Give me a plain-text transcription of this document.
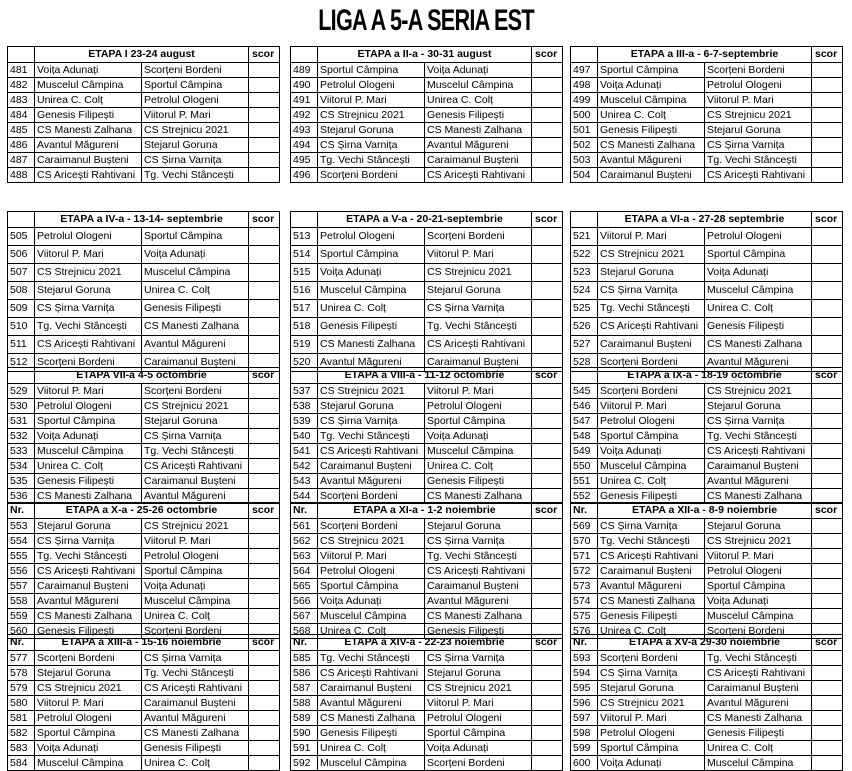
LIGA A 5-A SERIA EST
	ETAPA I 23-24 august		scor
481	Voița Adunați	Scorțeni Bordeni	
482	Muscelul Câmpina	Sportul Câmpina	
483	Unirea C. Colț	Petrolul Ologeni	
484	Genesis Filipești	Viitorul P. Mari	
485	CS Manesti Zalhana	CS Strejnicu 2021	
486	Avantul Măgureni	Stejarul Goruna	
487	Caraimanul Bușteni	CS Șirna Varnița	
488	CS Aricești Rahtivani	Tg. Vechi Stâncești	
	ETAPA a II-a - 30-31 august		scor
489	Sportul Câmpina	Voița Adunați	
490	Petrolul Ologeni	Muscelul Câmpina	
491	Viitorul P. Mari	Unirea C. Colț	
492	CS Strejnicu 2021	Genesis Filipești	
493	Stejarul Goruna	CS Manesti Zalhana	
494	CS Șirna Varnița	Avantul Măgureni	
495	Tg. Vechi Stâncești	Caraimanul Bușteni	
496	Scorțeni Bordeni	CS Aricești Rahtivani	
	ETAPA a III-a - 6-7-septembrie		scor
497	Sportul Câmpina	Scorțeni Bordeni	
498	Voița Adunați	Petrolul Ologeni	
499	Muscelul Câmpina	Viitorul P. Mari	
500	Unirea C. Colț	CS Strejnicu 2021	
501	Genesis Filipești	Stejarul Goruna	
502	CS Manesti Zalhana	CS Șirna Varnița	
503	Avantul Măgureni	Tg. Vechi Stâncești	
504	Caraimanul Bușteni	CS Aricești Rahtivani	
	ETAPA a IV-a - 13-14- septembrie		scor
505	Petrolul Ologeni	Sportul Câmpina	
506	Viitorul P. Mari	Voița Adunați	
507	CS Strejnicu 2021	Muscelul Câmpina	
508	Stejarul Goruna	Unirea C. Colț	
509	CS Șirna Varnița	Genesis Filipești	
510	Tg. Vechi Stâncești	CS Manesti Zalhana	
511	CS Aricești Rahtivani	Avantul Măgureni	
512	Scorțeni Bordeni	Caraimanul Bușteni	
	ETAPA a V-a - 20-21-septembrie		scor
513	Petrolul Ologeni	Scorțeni Bordeni	
514	Sportul Câmpina	Viitorul P. Mari	
515	Voița Adunați	CS Strejnicu 2021	
516	Muscelul Câmpina	Stejarul Goruna	
517	Unirea C. Colț	CS Șirna Varnița	
518	Genesis Filipești	Tg. Vechi Stâncești	
519	CS Manesti Zalhana	CS Aricești Rahtivani	
520	Avantul Măgureni	Caraimanul Bușteni	
	ETAPA a VI-a - 27-28 septembrie		scor
521	Viitorul P. Mari	Petrolul Ologeni	
522	CS Strejnicu 2021	Sportul Câmpina	
523	Stejarul Goruna	Voița Adunați	
524	CS Șirna Varnița	Muscelul Câmpina	
525	Tg. Vechi Stâncești	Unirea C. Colț	
526	CS Aricești Rahtivani	Genesis Filipești	
527	Caraimanul Bușteni	CS Manesti Zalhana	
528	Scorțeni Bordeni	Avantul Măgureni	
	ETAPA VII-a 4-5 octombrie		scor
529	Viitorul P. Mari	Scorțeni Bordeni	
530	Petrolul Ologeni	CS Strejnicu 2021	
531	Sportul Câmpina	Stejarul Goruna	
532	Voița Adunați	CS Șirna Varnița	
533	Muscelul Câmpina	Tg. Vechi Stâncești	
534	Unirea C. Colț	CS Aricești Rahtivani	
535	Genesis Filipești	Caraimanul Bușteni	
536	CS Manesti Zalhana	Avantul Măgureni	
	ETAPA a VIII-a - 11-12 octombrie		scor
537	CS Strejnicu 2021	Viitorul P. Mari	
538	Stejarul Goruna	Petrolul Ologeni	
539	CS Șirna Varnița	Sportul Câmpina	
540	Tg. Vechi Stâncești	Voița Adunați	
541	CS Aricești Rahtivani	Muscelul Câmpina	
542	Caraimanul Bușteni	Unirea C. Colț	
543	Avantul Măgureni	Genesis Filipești	
544	Scorțeni Bordeni	CS Manesti Zalhana	
	ETAPA a IX-a - 18-19 octombrie		scor
545	Scorțeni Bordeni	CS Strejnicu 2021	
546	Viitorul P. Mari	Stejarul Goruna	
547	Petrolul Ologeni	CS Șirna Varnița	
548	Sportul Câmpina	Tg. Vechi Stâncești	
549	Voița Adunați	CS Aricești Rahtivani	
550	Muscelul Câmpina	Caraimanul Bușteni	
551	Unirea C. Colț	Avantul Măgureni	
552	Genesis Filipești	CS Manesti Zalhana	
Nr.	ETAPA a X-a - 25-26 octombrie		scor
553	Stejarul Goruna	CS Strejnicu 2021	
554	CS Șirna Varnița	Viitorul P. Mari	
555	Tg. Vechi Stâncești	Petrolul Ologeni	
556	CS Aricești Rahtivani	Sportul Câmpina	
557	Caraimanul Bușteni	Voița Adunați	
558	Avantul Măgureni	Muscelul Câmpina	
559	CS Manesti Zalhana	Unirea C. Colț	
560	Genesis Filipești	Scorțeni Bordeni	
Nr.	ETAPA a XI-a - 1-2 noiembrie		scor
561	Scorțeni Bordeni	Stejarul Goruna	
562	CS Strejnicu 2021	CS Șirna Varnița	
563	Viitorul P. Mari	Tg. Vechi Stâncești	
564	Petrolul Ologeni	CS Aricești Rahtivani	
565	Sportul Câmpina	Caraimanul Bușteni	
566	Voița Adunați	Avantul Măgureni	
567	Muscelul Câmpina	CS Manesti Zalhana	
568	Unirea C. Colț	Genesis Filipești	
Nr.	ETAPA a XII-a - 8-9 noiembrie		scor
569	CS Șirna Varnița	Stejarul Goruna	
570	Tg. Vechi Stâncești	CS Strejnicu 2021	
571	CS Aricești Rahtivani	Viitorul P. Mari	
572	Caraimanul Bușteni	Petrolul Ologeni	
573	Avantul Măgureni	Sportul Câmpina	
574	CS Manesti Zalhana	Voița Adunați	
575	Genesis Filipești	Muscelul Câmpina	
576	Unirea C. Colț	Scorțeni Bordeni	
Nr.	ETAPA a XIII-a - 15-16 noiembrie		scor
577	Scorțeni Bordeni	CS Șirna Varnița	
578	Stejarul Goruna	Tg. Vechi Stâncești	
579	CS Strejnicu 2021	CS Aricești Rahtivani	
580	Viitorul P. Mari	Caraimanul Bușteni	
581	Petrolul Ologeni	Avantul Măgureni	
582	Sportul Câmpina	CS Manesti Zalhana	
583	Voița Adunați	Genesis Filipești	
584	Muscelul Câmpina	Unirea C. Colț	
Nr.	ETAPA a XIV-a - 22-23 noiembrie		scor
585	Tg. Vechi Stâncești	CS Șirna Varnița	
586	CS Aricești Rahtivani	Stejarul Goruna	
587	Caraimanul Bușteni	CS Strejnicu 2021	
588	Avantul Măgureni	Viitorul P. Mari	
589	CS Manesti Zalhana	Petrolul Ologeni	
590	Genesis Filipești	Sportul Câmpina	
591	Unirea C. Colț	Voița Adunați	
592	Muscelul Câmpina	Scorțeni Bordeni	
Nr.	ETAPA a XV-a 29-30 noiembrie		scor
593	Scorțeni Bordeni	Tg. Vechi Stâncești	
594	CS Șirna Varnița	CS Aricești Rahtivani	
595	Stejarul Goruna	Caraimanul Bușteni	
596	CS Strejnicu 2021	Avantul Măgureni	
597	Viitorul P. Mari	CS Manesti Zalhana	
598	Petrolul Ologeni	Genesis Filipești	
599	Sportul Câmpina	Unirea C. Colț	
600	Voița Adunați	Muscelul Câmpina	
